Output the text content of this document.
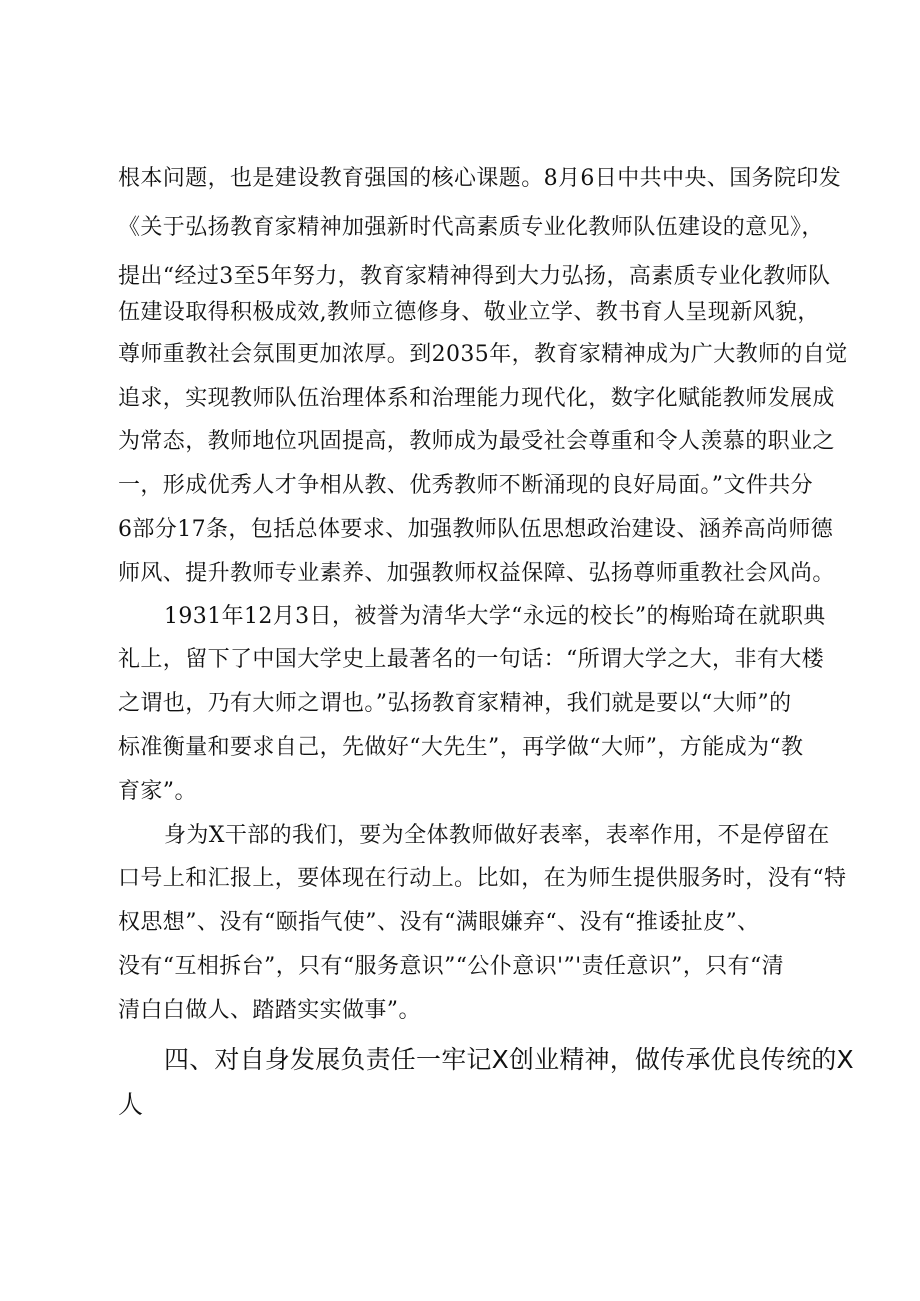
根本问题，也是建设教育强国的核心课题。8月6日中共中央、国务院印发
《关于弘扬教育家精神加强新时代高素质专业化教师队伍建设的意见》，
提出“经过3至5年努力，教育家精神得到大力弘扬，高素质专业化教师队
伍建设取得积极成效,教师立德修身、敬业立学、教书育人呈现新风貌，
尊师重教社会氛围更加浓厚。到2035年，教育家精神成为广大教师的自觉
追求，实现教师队伍治理体系和治理能力现代化，数字化赋能教师发展成
为常态，教师地位巩固提高，教师成为最受社会尊重和令人羡慕的职业之
一，形成优秀人才争相从教、优秀教师不断涌现的良好局面。”文件共分
6部分17条，包括总体要求、加强教师队伍思想政治建设、涵养高尚师德
师风、提升教师专业素养、加强教师权益保障、弘扬尊师重教社会风尚。
1931年12月3日，被誉为清华大学“永远的校长”的梅贻琦在就职典
礼上，留下了中国大学史上最著名的一句话：“所谓大学之大，非有大楼
之谓也，乃有大师之谓也。”弘扬教育家精神，我们就是要以“大师”的
标准衡量和要求自己，先做好“大先生”，再学做“大师”，方能成为“教
育家”。
身为X干部的我们，要为全体教师做好表率，表率作用，不是停留在
口号上和汇报上，要体现在行动上。比如，在为师生提供服务时，没有“特
权思想”、没有“颐指气使”、没有“满眼嫌弃“、没有“推诿扯皮”、
没有“互相拆台”，只有“服务意识”“公仆意识'”'责任意识”，只有“清
清白白做人、踏踏实实做事”。
四、对自身发展负责任一牢记X创业精神，做传承优良传统的X
人
